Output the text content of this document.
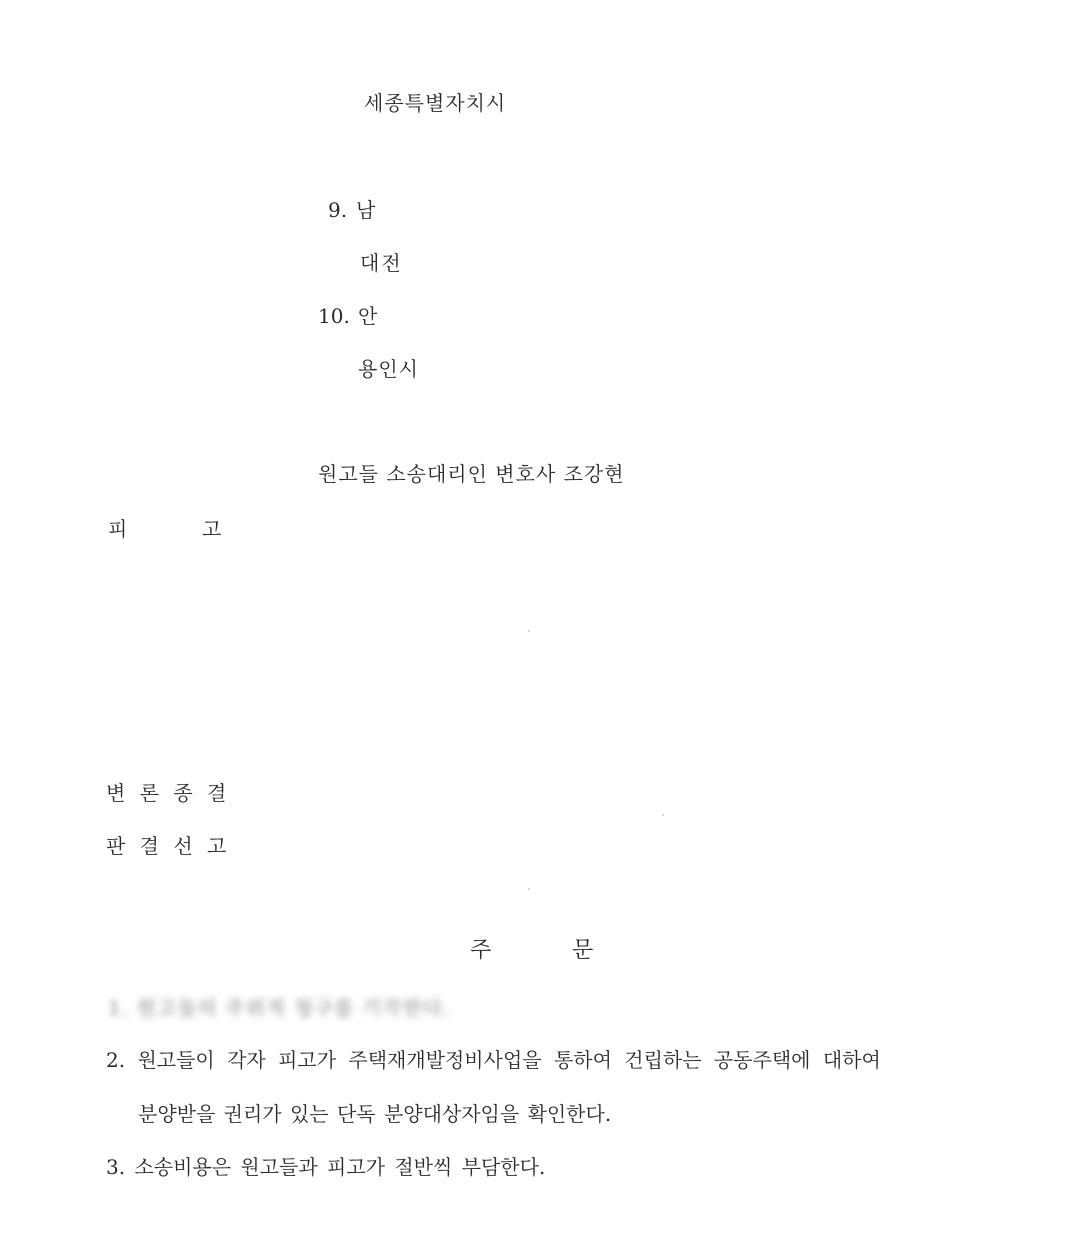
세종특별자치시
9. 남
대전
10. 안
용인시
원고들 소송대리인 변호사 조강현
피	고
변 론 종 결
판 결 선 고
주	문
1. 원고들의 주위적 청구를 기각한다.
2. 원고들이 각자 피고가 주택재개발정비사업을 통하여 건립하는 공동주택에 대하여
분양받을 권리가 있는 단독 분양대상자임을 확인한다.
3. 소송비용은 원고들과 피고가 절반씩 부담한다.
